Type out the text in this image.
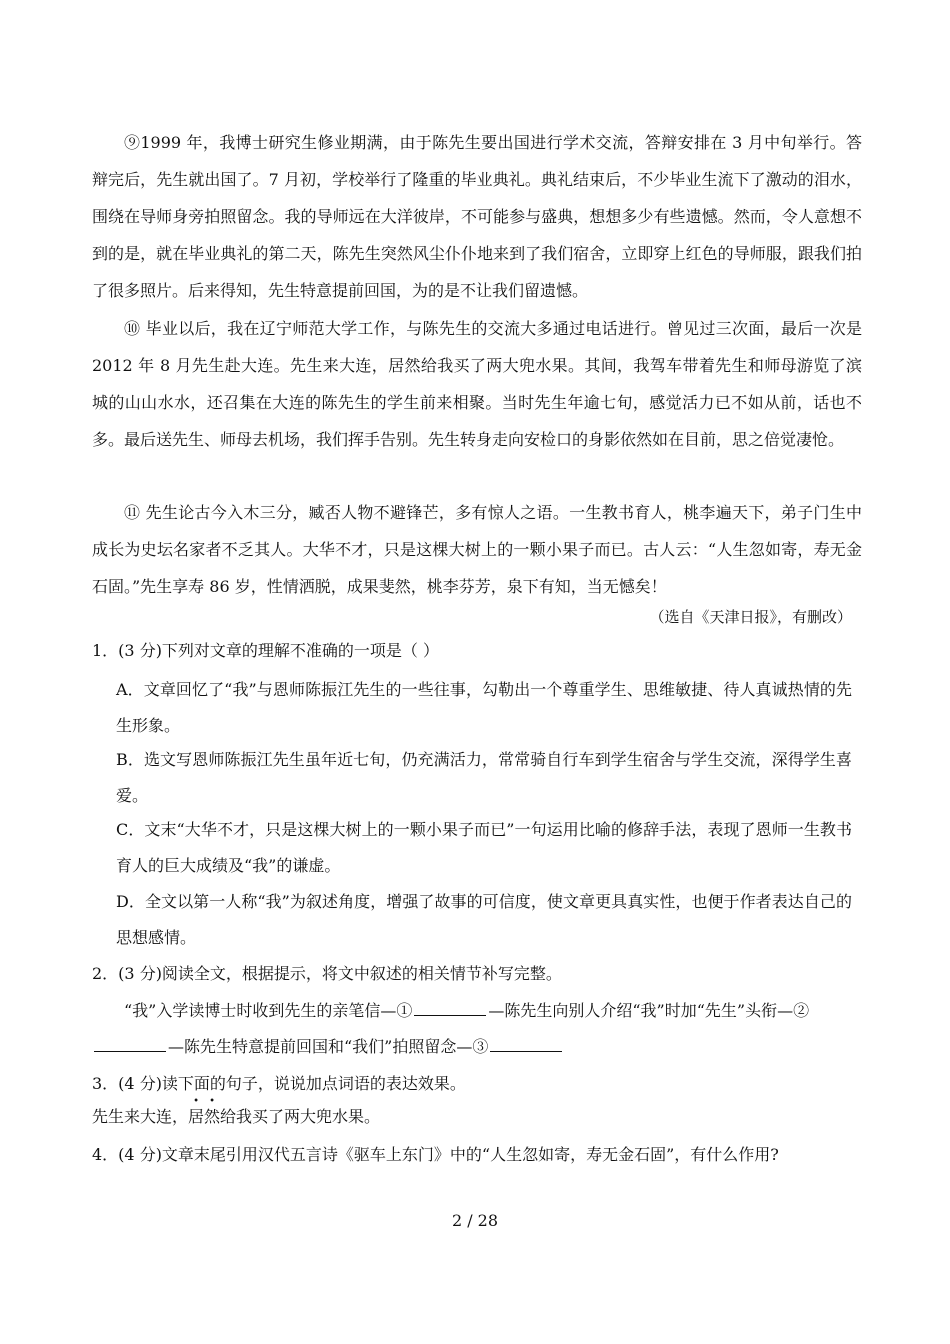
⑨1999 年，我博士研究生修业期满，由于陈先生要出国进行学术交流，答辩安排在 3 月中旬举行。答辩完后，先生就出国了。7 月初，学校举行了隆重的毕业典礼。典礼结束后，不少毕业生流下了激动的泪水，围绕在导师身旁拍照留念。我的导师远在大洋彼岸，不可能参与盛典，想想多少有些遗憾。然而，令人意想不到的是，就在毕业典礼的第二天，陈先生突然风尘仆仆地来到了我们宿舍，立即穿上红色的导师服，跟我们拍了很多照片。后来得知，先生特意提前回国，为的是不让我们留遗憾。

⑩ 毕业以后，我在辽宁师范大学工作，与陈先生的交流大多通过电话进行。曾见过三次面，最后一次是 2012 年 8 月先生赴大连。先生来大连，居然给我买了两大兜水果。其间，我驾车带着先生和师母游览了滨城的山山水水，还召集在大连的陈先生的学生前来相聚。当时先生年逾七旬，感觉活力已不如从前，话也不多。最后送先生、师母去机场，我们挥手告别。先生转身走向安检口的身影依然如在目前，思之倍觉凄怆。

⑪ 先生论古今入木三分，臧否人物不避锋芒，多有惊人之语。一生教书育人，桃李遍天下，弟子门生中成长为史坛名家者不乏其人。大华不才，只是这棵大树上的一颗小果子而已。古人云：“人生忽如寄，寿无金石固。”先生享寿 86 岁，性情洒脱，成果斐然，桃李芬芳，泉下有知，当无憾矣！

（选自《天津日报》，有删改）

1．(3 分)下列对文章的理解不准确的一项是（ ）

A．文章回忆了“我”与恩师陈振江先生的一些往事，勾勒出一个尊重学生、思维敏捷、待人真诚热情的先生形象。

B．选文写恩师陈振江先生虽年近七旬，仍充满活力，常常骑自行车到学生宿舍与学生交流，深得学生喜爱。

C．文末“大华不才，只是这棵大树上的一颗小果子而已”一句运用比喻的修辞手法，表现了恩师一生教书育人的巨大成绩及“我”的谦虚。

D．全文以第一人称“我”为叙述角度，增强了故事的可信度，使文章更具真实性，也便于作者表达自己的思想感情。

2．(3 分)阅读全文，根据提示，将文中叙述的相关情节补写完整。

“我”入学读博士时收到先生的亲笔信—①	—陈先生向别人介绍“我”时加“先生”头衔—②—陈先生特意提前回国和“我们”拍照留念—③

3．(4 分)读下面的句子，说说加点词语的表达效果。

先生来大连，
•
居
•
然给我买了两大兜水果。

4．(4 分)文章末尾引用汉代五言诗《驱车上东门》中的“人生忽如寄，寿无金石固”，有什么作用?

2 / 28
